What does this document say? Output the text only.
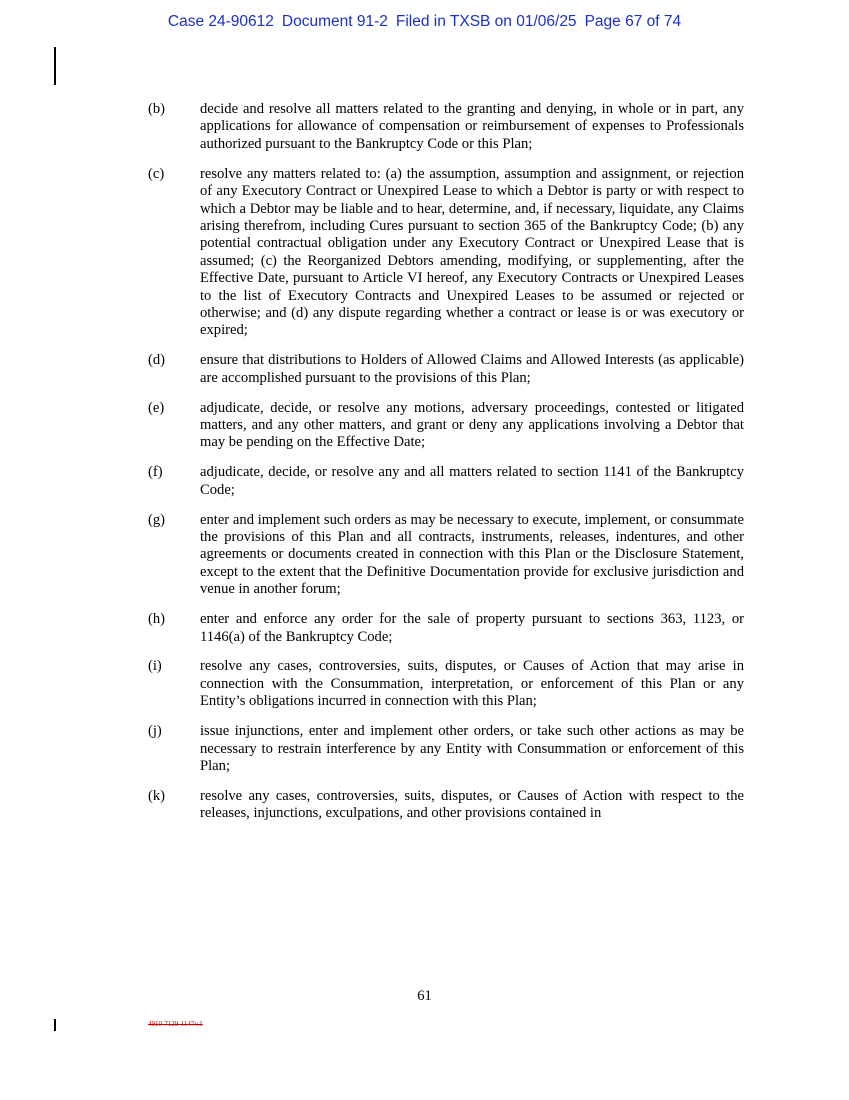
Case 24-90612 Document 91-2 Filed in TXSB on 01/06/25 Page 67 of 74
(b)	decide and resolve all matters related to the granting and denying, in whole or in part, any applications for allowance of compensation or reimbursement of expenses to Professionals authorized pursuant to the Bankruptcy Code or this Plan;
(c)	resolve any matters related to: (a) the assumption, assumption and assignment, or rejection of any Executory Contract or Unexpired Lease to which a Debtor is party or with respect to which a Debtor may be liable and to hear, determine, and, if necessary, liquidate, any Claims arising therefrom, including Cures pursuant to section 365 of the Bankruptcy Code; (b) any potential contractual obligation under any Executory Contract or Unexpired Lease that is assumed; (c) the Reorganized Debtors amending, modifying, or supplementing, after the Effective Date, pursuant to Article VI hereof, any Executory Contracts or Unexpired Leases to the list of Executory Contracts and Unexpired Leases to be assumed or rejected or otherwise; and (d) any dispute regarding whether a contract or lease is or was executory or expired;
(d)	ensure that distributions to Holders of Allowed Claims and Allowed Interests (as applicable) are accomplished pursuant to the provisions of this Plan;
(e)	adjudicate, decide, or resolve any motions, adversary proceedings, contested or litigated matters, and any other matters, and grant or deny any applications involving a Debtor that may be pending on the Effective Date;
(f)	adjudicate, decide, or resolve any and all matters related to section 1141 of the Bankruptcy Code;
(g)	enter and implement such orders as may be necessary to execute, implement, or consummate the provisions of this Plan and all contracts, instruments, releases, indentures, and other agreements or documents created in connection with this Plan or the Disclosure Statement, except to the extent that the Definitive Documentation provide for exclusive jurisdiction and venue in another forum;
(h)	enter and enforce any order for the sale of property pursuant to sections 363, 1123, or 1146(a) of the Bankruptcy Code;
(i)	resolve any cases, controversies, suits, disputes, or Causes of Action that may arise in connection with the Consummation, interpretation, or enforcement of this Plan or any Entity’s obligations incurred in connection with this Plan;
(j)	issue injunctions, enter and implement other orders, or take such other actions as may be necessary to restrain interference by any Entity with Consummation or enforcement of this Plan;
(k)	resolve any cases, controversies, suits, disputes, or Causes of Action with respect to the releases, injunctions, exculpations, and other provisions contained in
61
4910-7129-1147v.1
